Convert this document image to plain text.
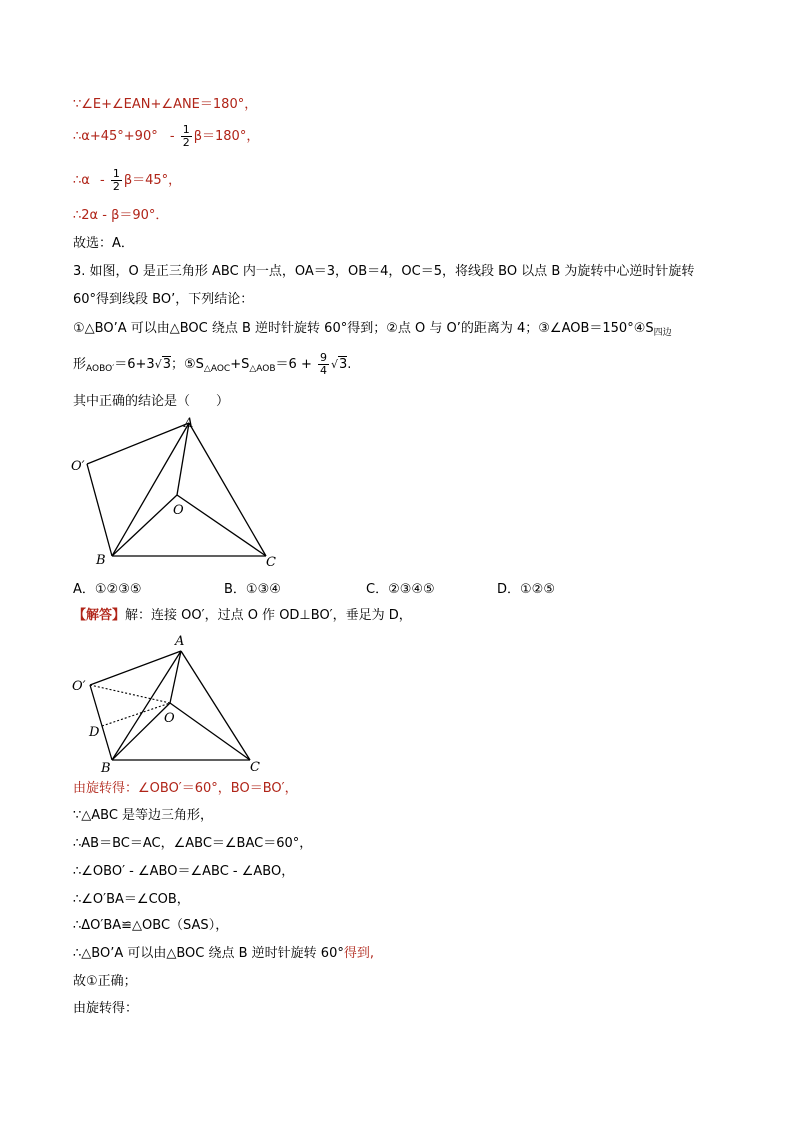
∵∠E+∠EAN+∠ANE＝180°，
∴α+45°+90° - $\frac{1}{2} \beta=180^\circ$，
∴α - $\frac{1}{2} \beta=45^\circ$，
∴2α - β＝90°．
故选：A．
3. 如图，O 是正三角形 ABC 内一点，OA＝3，OB＝4，OC＝5，将线段 BO 以点 B 为旋转中心逆时针旋转
60°得到线段 BO’，下列结论：
①△BO’A 可以由△BOC 绕点 B 逆时针旋转 60°得到；②点 O 与 O’的距离为 4；$③\angle AOB=150^\circ ④S_{四边}$
形$_{AOBO'}$＝6+3√3；$⑤S_{\triangle AOC}+S_{\triangle AOB}=6 + \frac{9}{4} √3$.
其中正确的结论是（　　）
A
O
O′
B	C
A．①②③⑤	B．①③④	C．②③④⑤	D．①②⑤
【解答】解：连接 OO′，过点 O 作 OD⊥BO′，垂足为 D，
A
O
O′
D
B	C
由旋转得：∠OBO′＝60°，BO＝BO′，
∵△ABC 是等边三角形，
∴AB＝BC＝AC，∠ABC＝∠BAC＝60°，
∴∠OBO′ - ∠ABO＝∠ABC - ∠ABO，
∴∠O′BA＝∠COB，
∴ΔO′BA≌△OBC（SAS），
∴△BO’A 可以由△BOC 绕点 B 逆时针旋转 60°得到,
故①正确；
由旋转得：
